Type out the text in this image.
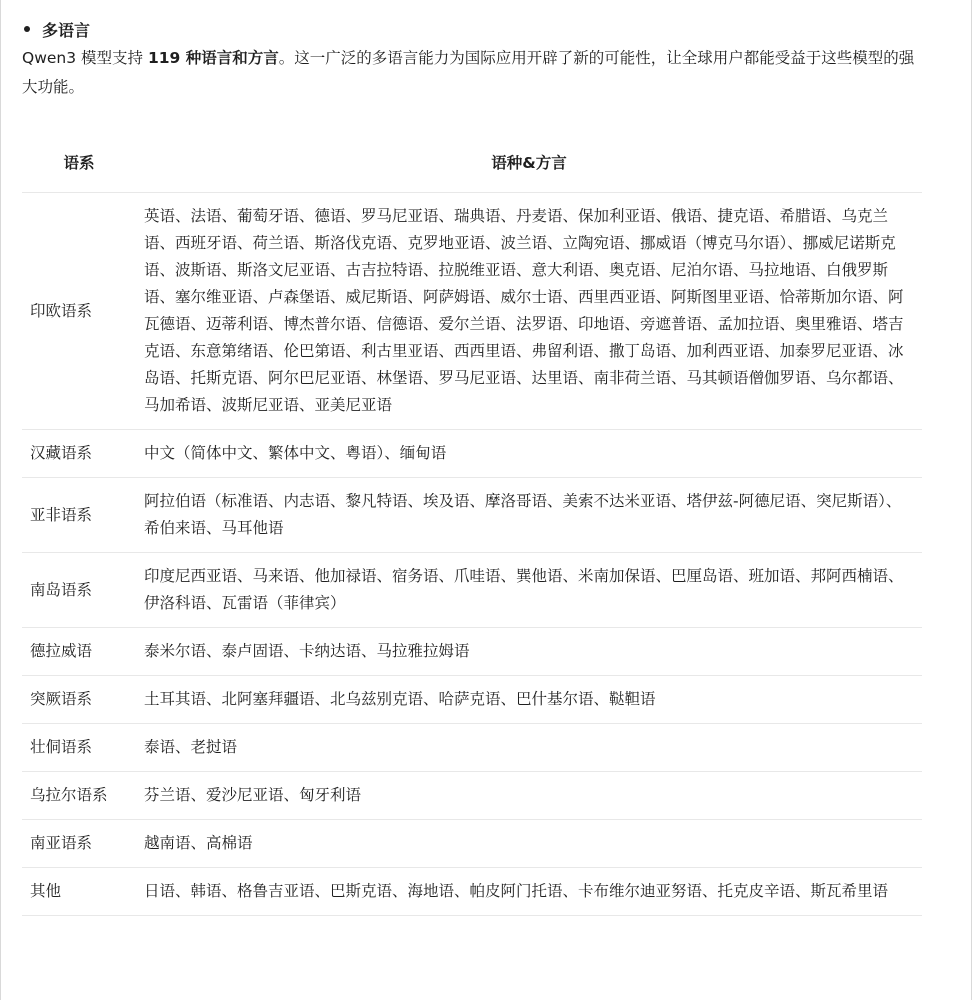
多语言

Qwen3 模型支持 119 种语言和方言。这一广泛的多语言能力为国际应用开辟了新的可能性，让全球用户都能受益于这些模型的强大功能。

语系	语种&方言
印欧语系	英语、法语、葡萄牙语、德语、罗马尼亚语、瑞典语、丹麦语、保加利亚语、俄语、捷克语、希腊语、乌克兰语、西班牙语、荷兰语、斯洛伐克语、克罗地亚语、波兰语、立陶宛语、挪威语（博克马尔语）、挪威尼诺斯克语、波斯语、斯洛文尼亚语、古吉拉特语、拉脱维亚语、意大利语、奥克语、尼泊尔语、马拉地语、白俄罗斯语、塞尔维亚语、卢森堡语、威尼斯语、阿萨姆语、威尔士语、西里西亚语、阿斯图里亚语、恰蒂斯加尔语、阿瓦德语、迈蒂利语、博杰普尔语、信德语、爱尔兰语、法罗语、印地语、旁遮普语、孟加拉语、奥里雅语、塔吉克语、东意第绪语、伦巴第语、利古里亚语、西西里语、弗留利语、撒丁岛语、加利西亚语、加泰罗尼亚语、冰岛语、托斯克语、阿尔巴尼亚语、林堡语、罗马尼亚语、达里语、南非荷兰语、马其顿语僧伽罗语、乌尔都语、马加希语、波斯尼亚语、亚美尼亚语
汉藏语系	中文（简体中文、繁体中文、粤语）、缅甸语
亚非语系	阿拉伯语（标准语、内志语、黎凡特语、埃及语、摩洛哥语、美索不达米亚语、塔伊兹-阿德尼语、突尼斯语）、希伯来语、马耳他语
南岛语系	印度尼西亚语、马来语、他加禄语、宿务语、爪哇语、巽他语、米南加保语、巴厘岛语、班加语、邦阿西楠语、伊洛科语、瓦雷语（菲律宾）
德拉威语	泰米尔语、泰卢固语、卡纳达语、马拉雅拉姆语
突厥语系	土耳其语、北阿塞拜疆语、北乌兹别克语、哈萨克语、巴什基尔语、鞑靼语
壮侗语系	泰语、老挝语
乌拉尔语系	芬兰语、爱沙尼亚语、匈牙利语
南亚语系	越南语、高棉语
其他	日语、韩语、格鲁吉亚语、巴斯克语、海地语、帕皮阿门托语、卡布维尔迪亚努语、托克皮辛语、斯瓦希里语
